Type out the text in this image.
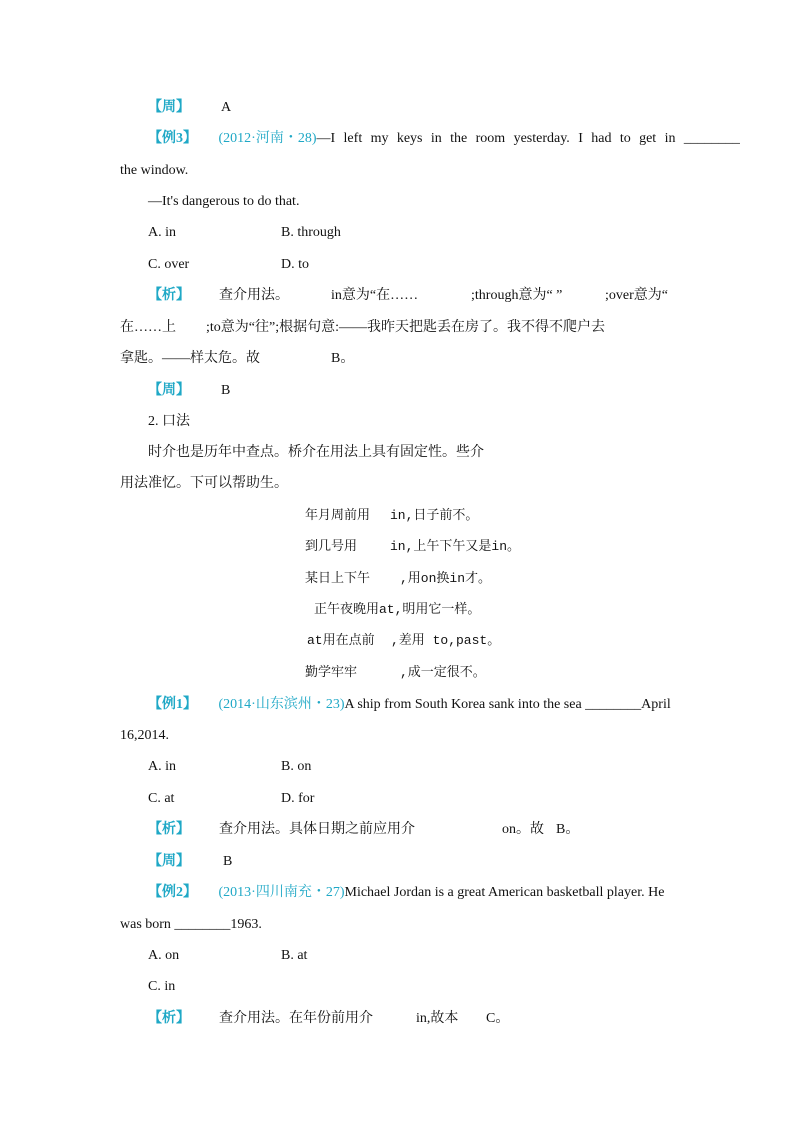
【周】 A
【例3】 (2012·河南・28)—I left my keys in the room yesterday. I had to get in ________
the window.
—It's dangerous to do that.
A. in	B. through
C. over	D. to
【析】 查介用法。	in意为“在……	;through意为“ ”	;over意为“
在……上 ;to意为“往”;根据句意:——我昨天把匙丢在房了。我不得不爬户去
拿匙。——样太危。故	B。
【周】 B
2. 口法
时介也是历年中查点。桥介在用法上具有固定性。些介
用法准忆。下可以帮助生。
年月周前用 in,日子前不。
到几号用	in,上午下午又是in。
某日上下午 ,用on换in才。
正午夜晚用at,明用它一样。
at用在点前 ,差用 to,past。
勤学牢牢	,成一定很不。
【例1】 (2014·山东滨州・23)A ship from South Korea sank into the sea ________April
16,2014.
A. in	B. on
C. at	D. for
【析】 查介用法。具体日期之前应用介	on。故 B。
【周】 B
【例2】 (2013·四川南充・27)Michael Jordan is a great American basketball player. He
was born ________1963.
A. on	B. at
C. in
【析】 查介用法。在年份前用介	in,故本 C。
